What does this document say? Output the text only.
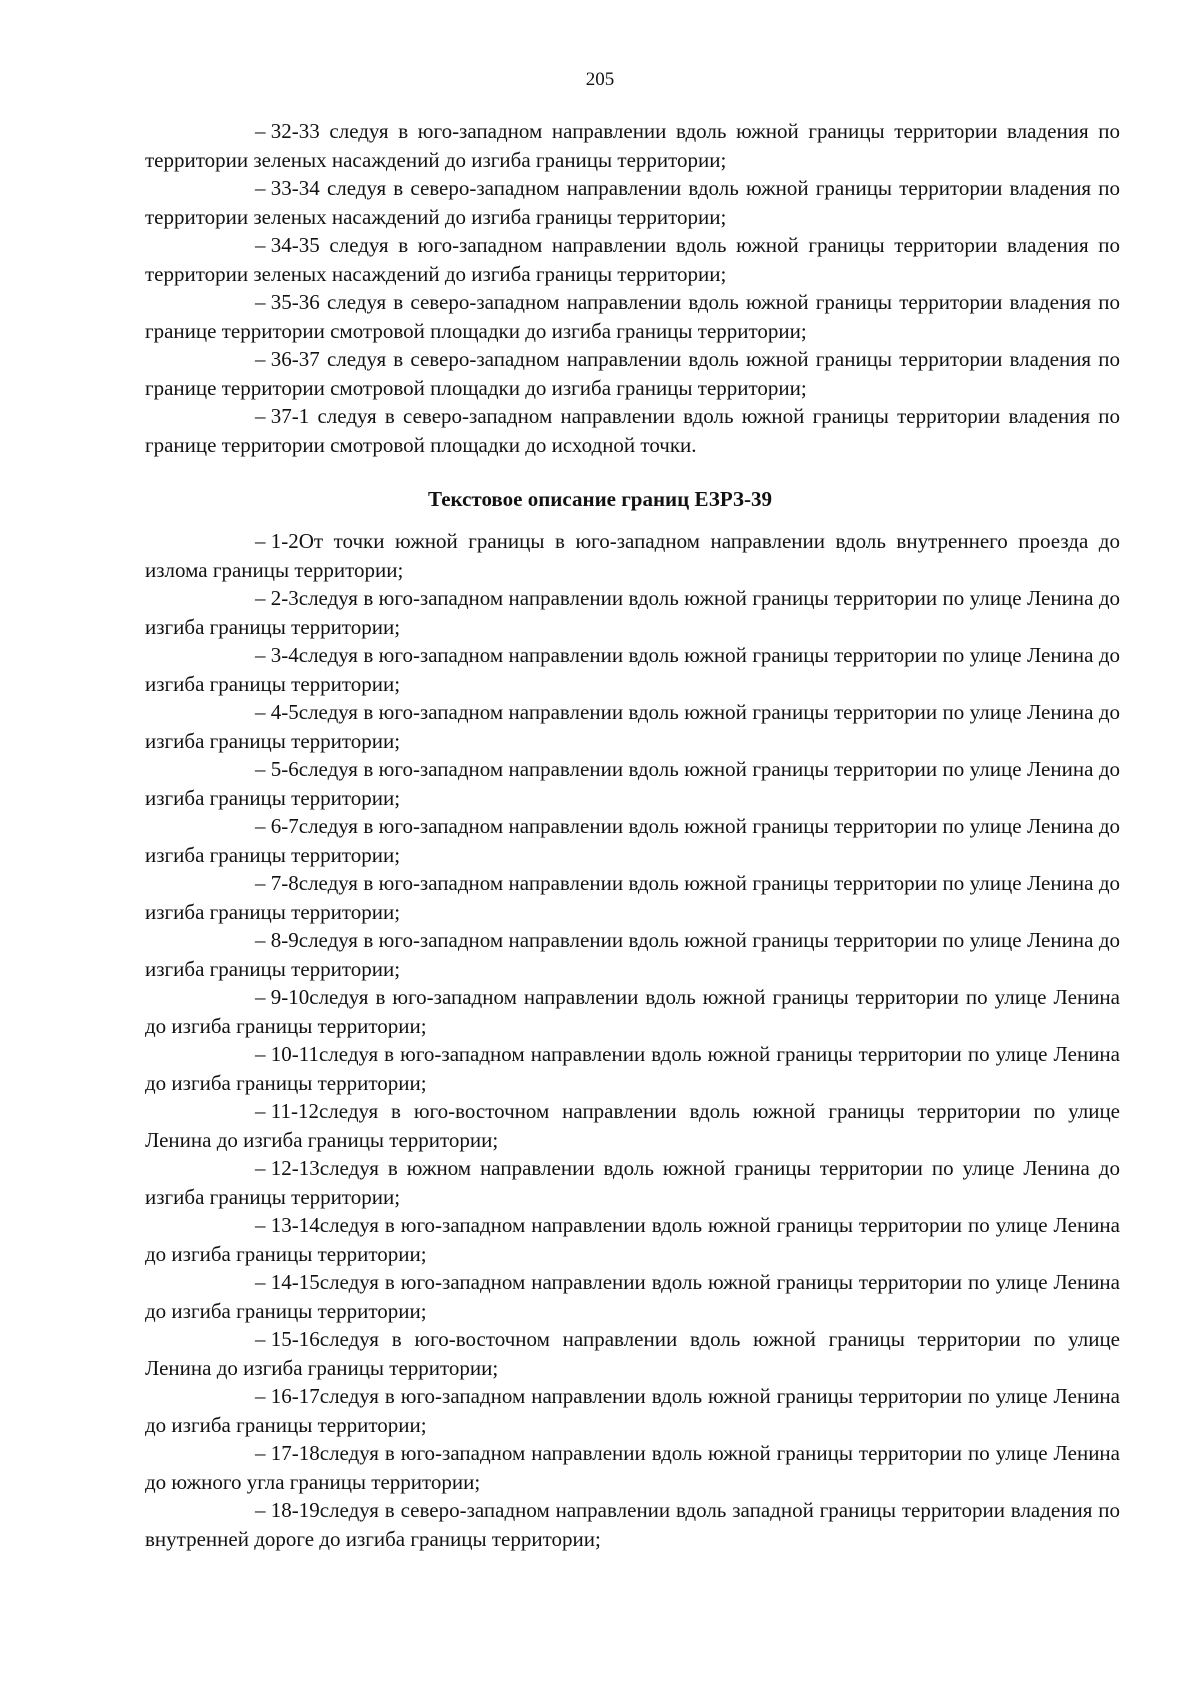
205

– 32-33 следуя в юго-западном направлении вдоль южной границы территории владения по территории зеленых насаждений до изгиба границы территории;

– 33-34 следуя в северо-западном направлении вдоль южной границы территории владения по территории зеленых насаждений до изгиба границы территории;

– 34-35 следуя в юго-западном направлении вдоль южной границы территории владения по территории зеленых насаждений до изгиба границы территории;

– 35-36 следуя в северо-западном направлении вдоль южной границы территории владения по границе территории смотровой площадки до изгиба границы территории;

– 36-37 следуя в северо-западном направлении вдоль южной границы территории владения по границе территории смотровой площадки до изгиба границы территории;

– 37-1 следуя в северо-западном направлении вдоль южной границы территории владения по границе территории смотровой площадки до исходной точки.

Текстовое описание границ ЕЗРЗ-39

– 1-2От точки южной границы в юго-западном направлении вдоль внутреннего проезда до излома границы территории;

– 2-3следуя в юго-западном направлении вдоль южной границы территории по улице Ленина до изгиба границы территории;

– 3-4следуя в юго-западном направлении вдоль южной границы территории по улице Ленина до изгиба границы территории;

– 4-5следуя в юго-западном направлении вдоль южной границы территории по улице Ленина до изгиба границы территории;

– 5-6следуя в юго-западном направлении вдоль южной границы территории по улице Ленина до изгиба границы территории;

– 6-7следуя в юго-западном направлении вдоль южной границы территории по улице Ленина до изгиба границы территории;

– 7-8следуя в юго-западном направлении вдоль южной границы территории по улице Ленина до изгиба границы территории;

– 8-9следуя в юго-западном направлении вдоль южной границы территории по улице Ленина до изгиба границы территории;

– 9-10следуя в юго-западном направлении вдоль южной границы территории по улице Ленина до изгиба границы территории;

– 10-11следуя в юго-западном направлении вдоль южной границы территории по улице Ленина до изгиба границы территории;

– 11-12следуя в юго-восточном направлении вдоль южной границы территории по улице Ленина до изгиба границы территории;

– 12-13следуя в южном направлении вдоль южной границы территории по улице Ленина до изгиба границы территории;

– 13-14следуя в юго-западном направлении вдоль южной границы территории по улице Ленина до изгиба границы территории;

– 14-15следуя в юго-западном направлении вдоль южной границы территории по улице Ленина до изгиба границы территории;

– 15-16следуя в юго-восточном направлении вдоль южной границы территории по улице Ленина до изгиба границы территории;

– 16-17следуя в юго-западном направлении вдоль южной границы территории по улице Ленина до изгиба границы территории;

– 17-18следуя в юго-западном направлении вдоль южной границы территории по улице Ленина до южного угла границы территории;

– 18-19следуя в северо-западном направлении вдоль западной границы территории владения по внутренней дороге до изгиба границы территории;
